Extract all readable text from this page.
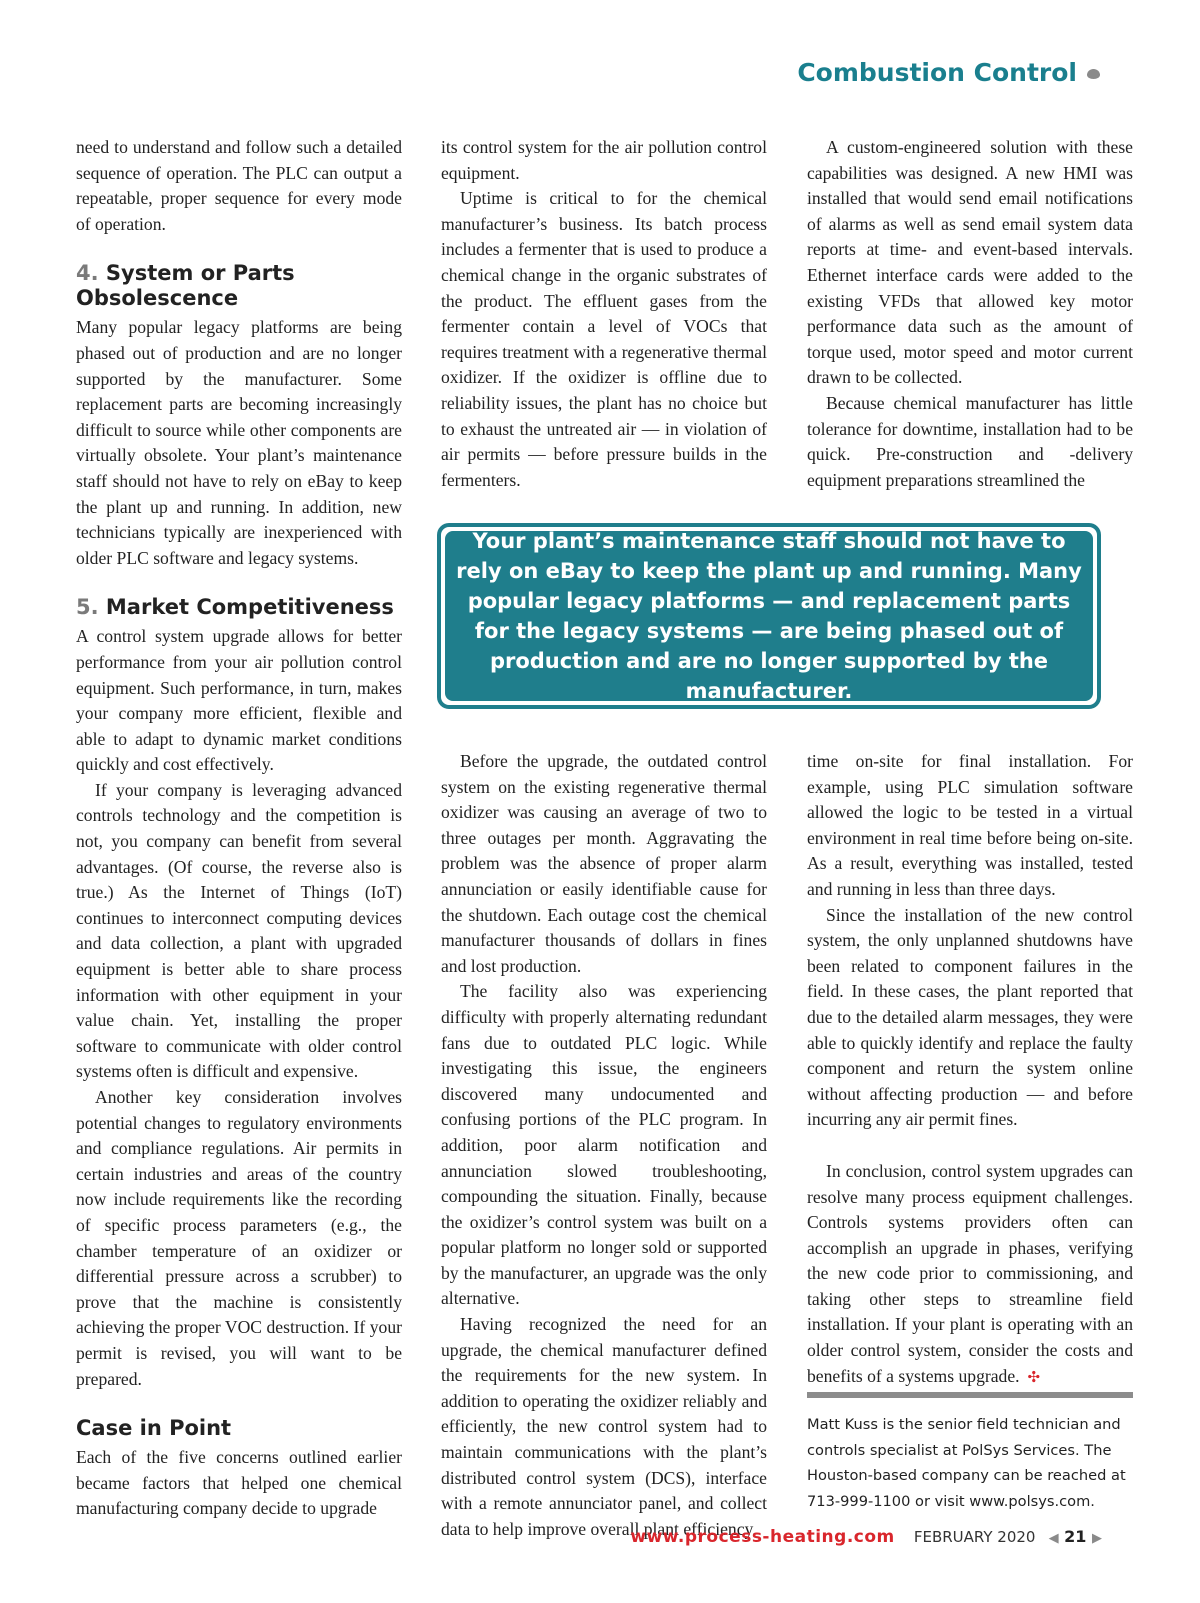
Combustion Control

need to understand and follow such a detailed sequence of operation. The PLC can output a repeatable, proper sequence for every mode of operation.

4. System or Parts Obsolescence

Many popular legacy platforms are being phased out of production and are no longer supported by the manufacturer. Some replacement parts are becoming increasingly difficult to source while other components are virtually obsolete. Your plant’s maintenance staff should not have to rely on eBay to keep the plant up and running. In addition, new technicians typically are inexperienced with older PLC software and legacy systems.

5. Market Competitiveness

A control system upgrade allows for better performance from your air pollution control equipment. Such performance, in turn, makes your company more efficient, flexible and able to adapt to dynamic market conditions quickly and cost effectively.

If your company is leveraging advanced controls technology and the competition is not, you company can benefit from several advantages. (Of course, the reverse also is true.) As the Internet of Things (IoT) continues to interconnect computing devices and data collection, a plant with upgraded equipment is better able to share process information with other equipment in your value chain. Yet, installing the proper software to communicate with older control systems often is difficult and expensive.

Another key consideration involves potential changes to regulatory environments and compliance regulations. Air permits in certain industries and areas of the country now include requirements like the recording of specific process parameters (e.g., the chamber temperature of an oxidizer or differential pressure across a scrubber) to prove that the machine is consistently achieving the proper VOC destruction. If your permit is revised, you will want to be prepared.

Case in Point

Each of the five concerns outlined earlier became factors that helped one chemical manufacturing company decide to upgrade

its control system for the air pollution control equipment.

Uptime is critical to for the chemical manufacturer’s business. Its batch process includes a fermenter that is used to produce a chemical change in the organic substrates of the product. The effluent gases from the fermenter contain a level of VOCs that requires treatment with a regenerative thermal oxidizer. If the oxidizer is offline due to reliability issues, the plant has no choice but to exhaust the untreated air — in violation of air permits — before pressure builds in the fermenters.

A custom-engineered solution with these capabilities was designed. A new HMI was installed that would send email notifications of alarms as well as send email system data reports at time- and event-based intervals. Ethernet interface cards were added to the existing VFDs that allowed key motor performance data such as the amount of torque used, motor speed and motor current drawn to be collected.

Because chemical manufacturer has little tolerance for downtime, installation had to be quick. Pre-construction and -delivery equipment preparations streamlined the

Your plant’s maintenance staff should not have to rely on eBay to keep the plant up and running. Many popular legacy platforms — and replacement parts for the legacy systems — are being phased out of production and are no longer supported by the manufacturer.

Before the upgrade, the outdated control system on the existing regenerative thermal oxidizer was causing an average of two to three outages per month. Aggravating the problem was the absence of proper alarm annunciation or easily identifiable cause for the shutdown. Each outage cost the chemical manufacturer thousands of dollars in fines and lost production.

The facility also was experiencing difficulty with properly alternating redundant fans due to outdated PLC logic. While investigating this issue, the engineers discovered many undocumented and confusing portions of the PLC program. In addition, poor alarm notification and annunciation slowed troubleshooting, compounding the situation. Finally, because the oxidizer’s control system was built on a popular platform no longer sold or supported by the manufacturer, an upgrade was the only alternative.

Having recognized the need for an upgrade, the chemical manufacturer defined the requirements for the new system. In addition to operating the oxidizer reliably and efficiently, the new control system had to maintain communications with the plant’s distributed control system (DCS), interface with a remote annunciator panel, and collect data to help improve overall plant efficiency.

time on-site for final installation. For example, using PLC simulation software allowed the logic to be tested in a virtual environment in real time before being on-site. As a result, everything was installed, tested and running in less than three days.

Since the installation of the new control system, the only unplanned shutdowns have been related to component failures in the field. In these cases, the plant reported that due to the detailed alarm messages, they were able to quickly identify and replace the faulty component and return the system online without affecting production — and before incurring any air permit fines.

In conclusion, control system upgrades can resolve many process equipment challenges. Controls systems providers often can accomplish an upgrade in phases, verifying the new code prior to commissioning, and taking other steps to streamline field installation. If your plant is operating with an older control system, consider the costs and benefits of a systems upgrade. ✣

Matt Kuss is the senior field technician and controls specialist at PolSys Services. The Houston-based company can be reached at 713-999-1100 or visit www.polsys.com.
www.process-heating.com FEBRUARY 2020 ◀ 21 ▶
